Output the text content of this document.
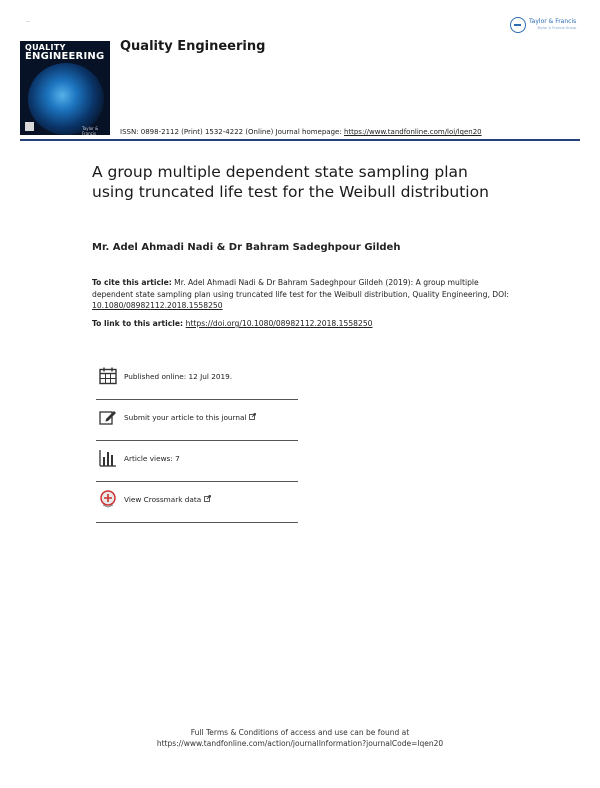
—
QUALITY
ENGINEERING
Taylor & Francis
Quality Engineering
Taylor & Francis
Taylor & Francis Group
ISSN: 0898-2112 (Print) 1532-4222 (Online) Journal homepage: https://www.tandfonline.com/loi/lqen20
A group multiple dependent state sampling plan using truncated life test for the Weibull distribution
Mr. Adel Ahmadi Nadi & Dr Bahram Sadeghpour Gildeh
To cite this article: Mr. Adel Ahmadi Nadi & Dr Bahram Sadeghpour Gildeh (2019): A group multiple dependent state sampling plan using truncated life test for the Weibull distribution, Quality Engineering, DOI: 10.1080/08982112.2018.1558250
To link to this article: https://doi.org/10.1080/08982112.2018.1558250
Published online: 12 Jul 2019.
Submit your article to this journal
Article views: 7
View Crossmark data
Full Terms & Conditions of access and use can be found at
https://www.tandfonline.com/action/journalInformation?journalCode=lqen20
